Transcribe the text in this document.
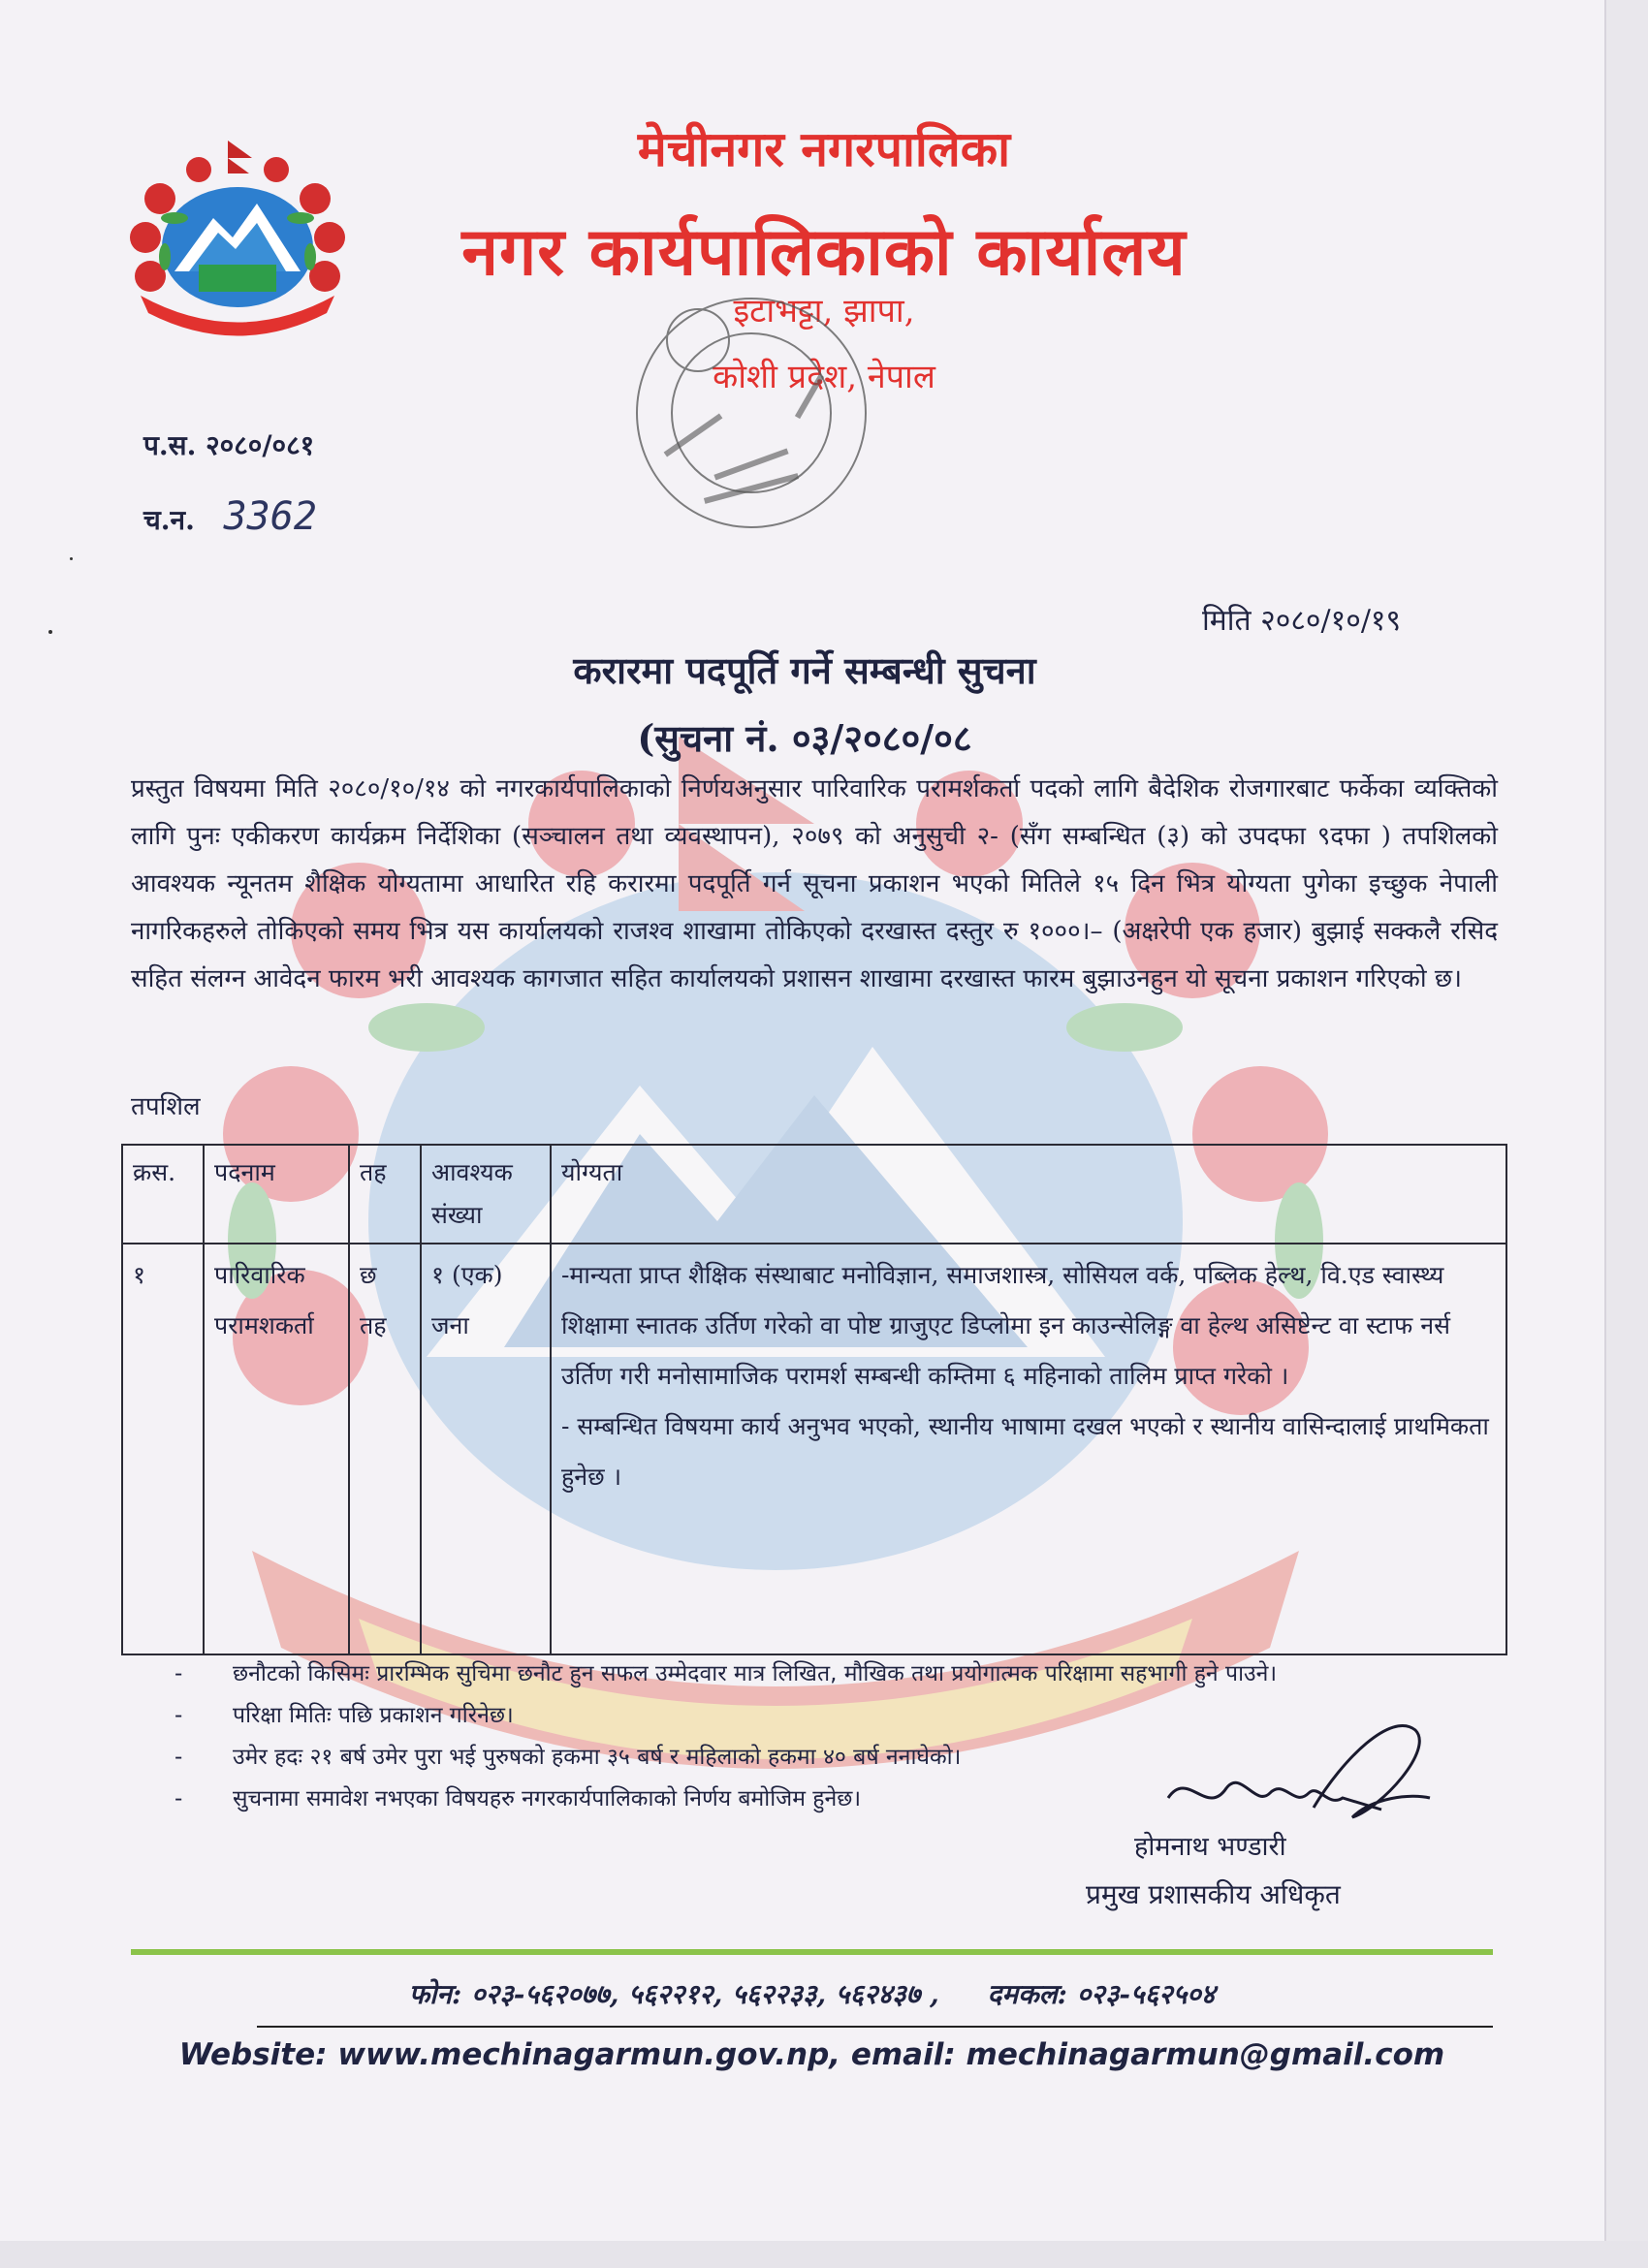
मेचीनगर नगरपालिका
नगर कार्यपालिकाको कार्यालय
इटाभट्टा, झापा,
कोशी प्रदेश, नेपाल
प.स. २०८०/०८१
च.न. 3362
मिति २०८०/१०/१९
करारमा पदपूर्ति गर्ने सम्बन्धी सुचना
(सुचना नं. ०३/२०८०/०८
प्रस्तुत विषयमा मिति २०८०/१०/१४ को नगरकार्यपालिकाको निर्णयअनुसार पारिवारिक परामर्शकर्ता पदको लागि बैदेशिक रोजगारबाट फर्केका व्यक्तिको लागि पुनः एकीकरण कार्यक्रम निर्देशिका (सञ्चालन तथा व्यवस्थापन), २०७९ को अनुसुची २- (सँग सम्बन्धित (३) को उपदफा ९दफा ) तपशिलको आवश्यक न्यूनतम शैक्षिक योग्यतामा आधारित रहि करारमा पदपूर्ति गर्न सूचना प्रकाशन भएको मितिले १५ दिन भित्र योग्यता पुगेका इच्छुक नेपाली नागरिकहरुले तोकिएको समय भित्र यस कार्यालयको राजश्व शाखामा तोकिएको दरखास्त दस्तुर रु १०००।– (अक्षरेपी एक हजार) बुझाई सक्कलै रसिद सहित संलग्न आवेदन फारम भरी आवश्यक कागजात सहित कार्यालयको प्रशासन शाखामा दरखास्त फारम बुझाउनहुन यो सूचना प्रकाशन गरिएको छ।
तपशिल
क्रस.	पदनाम	तह	आवश्यक संख्या	योग्यता
१	पारिवारिक परामशकर्ता	छ तह	१ (एक) जना	-मान्यता प्राप्त शैक्षिक संस्थाबाट मनोविज्ञान, समाजशास्त्र, सोसियल वर्क, पब्लिक हेल्थ, वि.एड स्वास्थ्य शिक्षामा स्नातक उर्तिण गरेको वा पोष्ट ग्राजुएट डिप्लोमा इन काउन्सेलिङ्ग वा हेल्थ असिष्टेन्ट वा स्टाफ नर्स उर्तिण गरी मनोसामाजिक परामर्श सम्बन्धी कम्तिमा ६ महिनाको तालिम प्राप्त गरेको ।
- सम्बन्धित विषयमा कार्य अनुभव भएको, स्थानीय भाषामा दखल भएको र स्थानीय वासिन्दालाई प्राथमिकता हुनेछ ।
- छनौटको किसिमः प्रारम्भिक सुचिमा छनौट हुन सफल उम्मेदवार मात्र लिखित, मौखिक तथा प्रयोगात्मक परिक्षामा सहभागी हुने पाउने।
- परिक्षा मितिः पछि प्रकाशन गरिनेछ।
- उमेर हदः २१ बर्ष उमेर पुरा भई पुरुषको हकमा ३५ बर्ष र महिलाको हकमा ४० बर्ष ननाघेको।
- सुचनामा समावेश नभएका विषयहरु नगरकार्यपालिकाको निर्णय बमोजिम हुनेछ।
होमनाथ भण्डारी
प्रमुख प्रशासकीय अधिकृत
फोन: ०२३-५६२०७७, ५६२२१२, ५६२२३३, ५६२४३७ , दमकल: ०२३-५६२५०४
Website: www.mechinagarmun.gov.np, email: mechinagarmun@gmail.com
